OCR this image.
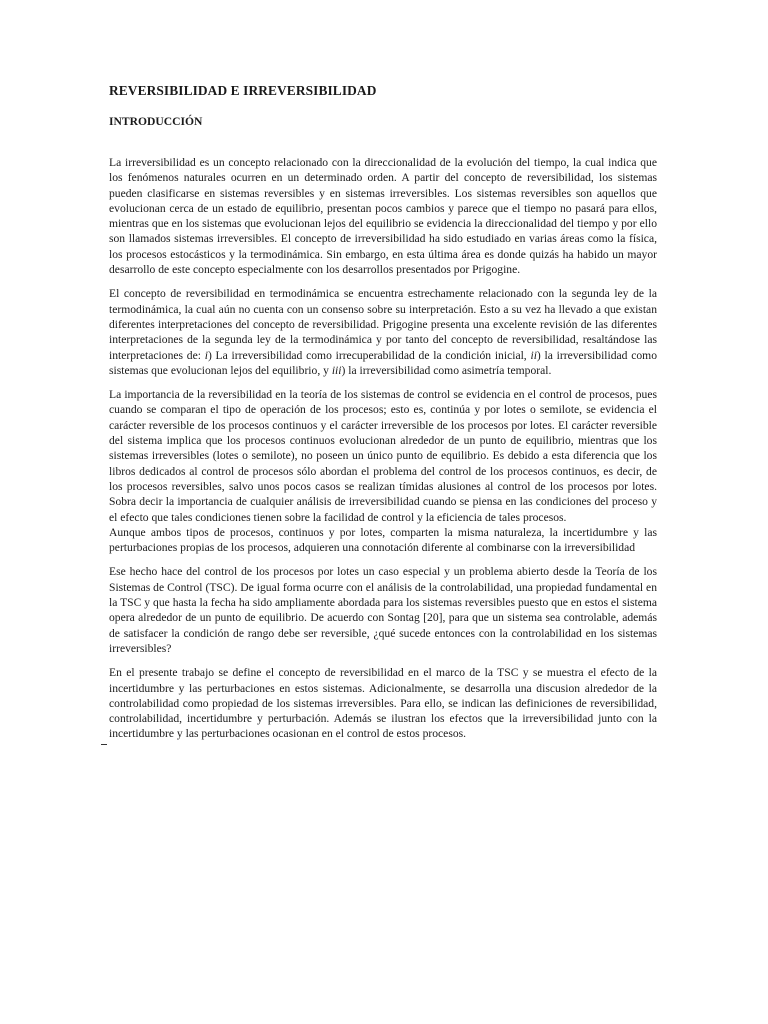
REVERSIBILIDAD E IRREVERSIBILIDAD
INTRODUCCIÓN

La irreversibilidad es un concepto relacionado con la direccionalidad de la evolución del tiempo, la cual indica que los fenómenos naturales ocurren en un determinado orden. A partir del concepto de reversibilidad, los sistemas pueden clasificarse en sistemas reversibles y en sistemas irreversibles. Los sistemas reversibles son aquellos que evolucionan cerca de un estado de equilibrio, presentan pocos cambios y parece que el tiempo no pasará para ellos, mientras que en los sistemas que evolucionan lejos del equilibrio se evidencia la direccionalidad del tiempo y por ello son llamados sistemas irreversibles. El concepto de irreversibilidad ha sido estudiado en varias áreas como la física, los procesos estocásticos y la termodinámica. Sin embargo, en esta última área es donde quizás ha habido un mayor desarrollo de este concepto especialmente con los desarrollos presentados por Prigogine.

El concepto de reversibilidad en termodinámica se encuentra estrechamente relacionado con la segunda ley de la termodinámica, la cual aún no cuenta con un consenso sobre su interpretación. Esto a su vez ha llevado a que existan diferentes interpretaciones del concepto de reversibilidad. Prigogine presenta una excelente revisión de las diferentes interpretaciones de la segunda ley de la termodinámica y por tanto del concepto de reversibilidad, resaltándose las interpretaciones de: i) La irreversibilidad como irrecuperabilidad de la condición inicial, ii) la irreversibilidad como sistemas que evolucionan lejos del equilibrio, y iii) la irreversibilidad como asimetría temporal.

La importancia de la reversibilidad en la teoría de los sistemas de control se evidencia en el control de procesos, pues cuando se comparan el tipo de operación de los procesos; esto es, continúa y por lotes o semilote, se evidencia el carácter reversible de los procesos continuos y el carácter irreversible de los procesos por lotes. El carácter reversible del sistema implica que los procesos continuos evolucionan alrededor de un punto de equilibrio, mientras que los sistemas irreversibles (lotes o semilote), no poseen un único punto de equilibrio. Es debido a esta diferencia que los libros dedicados al control de procesos sólo abordan el problema del control de los procesos continuos, es decir, de los procesos reversibles, salvo unos pocos casos se realizan tímidas alusiones al control de los procesos por lotes. Sobra decir la importancia de cualquier análisis de irreversibilidad cuando se piensa en las condiciones del proceso y el efecto que tales condiciones tienen sobre la facilidad de control y la eficiencia de tales procesos.

Aunque ambos tipos de procesos, continuos y por lotes, comparten la misma naturaleza, la incertidumbre y las perturbaciones propias de los procesos, adquieren una connotación diferente al combinarse con la irreversibilidad

Ese hecho hace del control de los procesos por lotes un caso especial y un problema abierto desde la Teoría de los Sistemas de Control (TSC). De igual forma ocurre con el análisis de la controlabilidad, una propiedad fundamental en la TSC y que hasta la fecha ha sido ampliamente abordada para los sistemas reversibles puesto que en estos el sistema opera alrededor de un punto de equilibrio. De acuerdo con Sontag [20], para que un sistema sea controlable, además de satisfacer la condición de rango debe ser reversible, ¿qué sucede entonces con la controlabilidad en los sistemas irreversibles?

En el presente trabajo se define el concepto de reversibilidad en el marco de la TSC y se muestra el efecto de la incertidumbre y las perturbaciones en estos sistemas. Adicionalmente, se desarrolla una discusion alrededor de la controlabilidad como propiedad de los sistemas irreversibles. Para ello, se indican las definiciones de reversibilidad, controlabilidad, incertidumbre y perturbación. Además se ilustran los efectos que la irreversibilidad junto con la incertidumbre y las perturbaciones ocasionan en el control de estos procesos.
